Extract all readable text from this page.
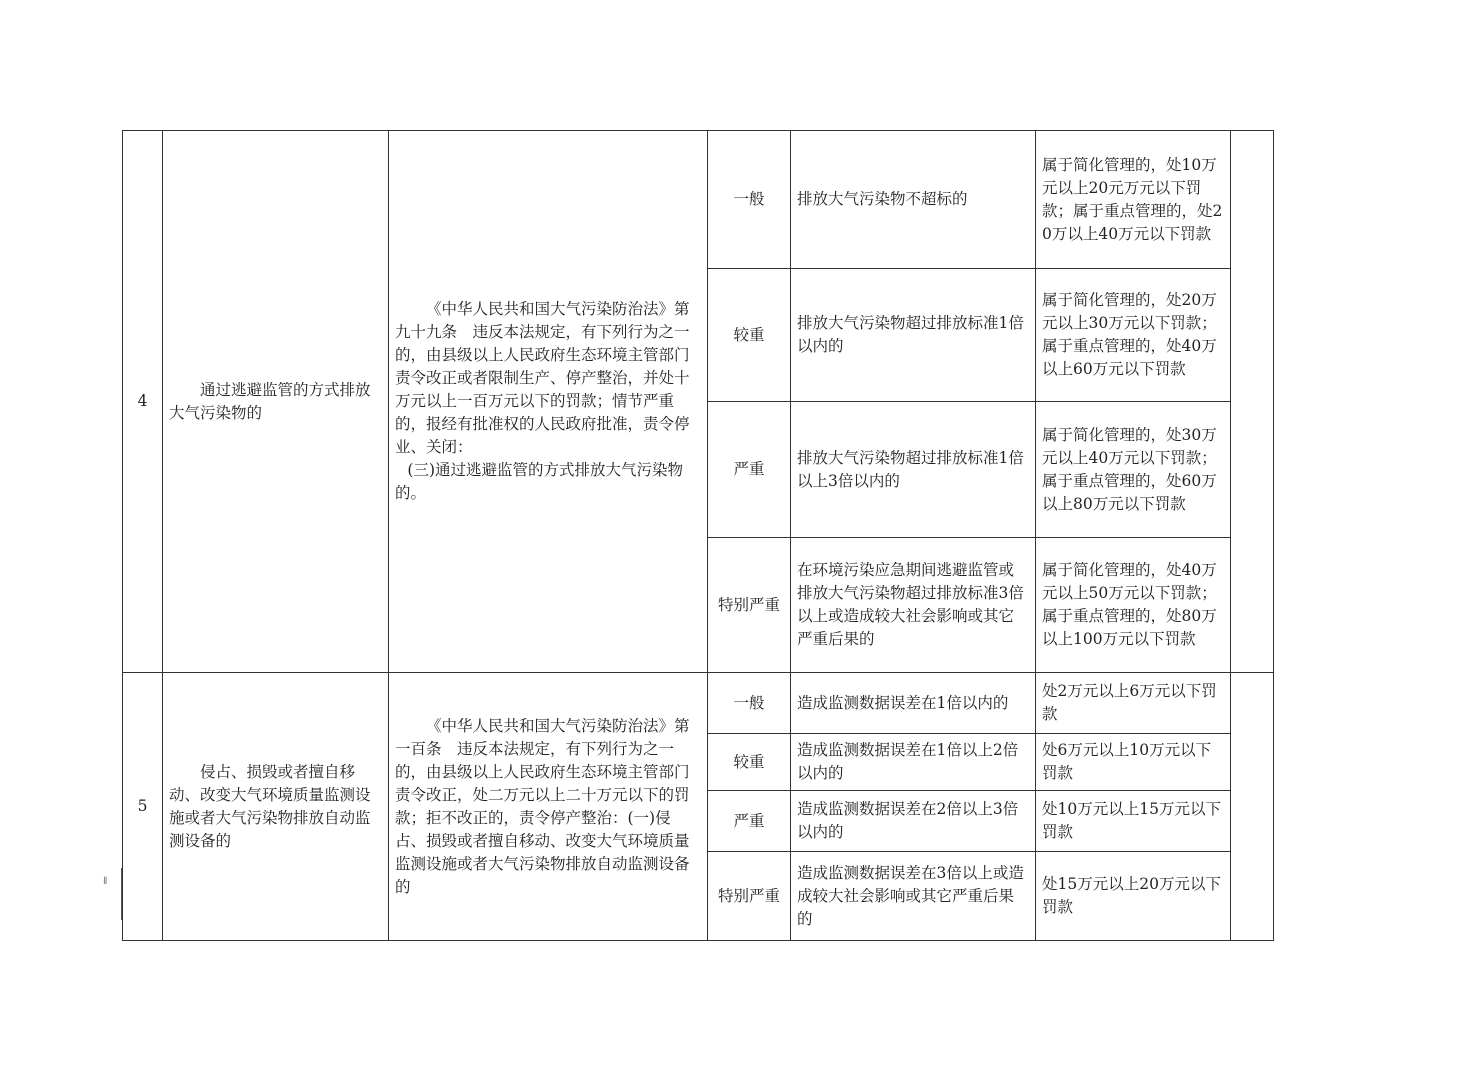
⇓
4	通过逃避监管的方式排放大气污染物的	《中华人民共和国大气污染防治法》第九十九条　违反本法规定，有下列行为之一的，由县级以上人民政府生态环境主管部门责令改正或者限制生产、停产整治，并处十万元以上一百万元以下的罚款；情节严重的，报经有批准权的人民政府批准，责令停业、关闭：
(三)通过逃避监管的方式排放大气污染物的。	一般	排放大气污染物不超标的	属于简化管理的，处10万元以上20元万元以下罚款；属于重点管理的，处20万以上40万元以下罚款	
			较重	排放大气污染物超过排放标准1倍以内的	属于简化管理的，处20万元以上30万元以下罚款；属于重点管理的，处40万以上60万元以下罚款	
			严重	排放大气污染物超过排放标准1倍以上3倍以内的	属于简化管理的，处30万元以上40万元以下罚款；属于重点管理的，处60万以上80万元以下罚款	
			特别严重	在环境污染应急期间逃避监管或排放大气污染物超过排放标准3倍以上或造成较大社会影响或其它严重后果的	属于简化管理的，处40万元以上50万元以下罚款；属于重点管理的，处80万以上100万元以下罚款	
5	侵占、损毁或者擅自移动、改变大气环境质量监测设施或者大气污染物排放自动监测设备的	《中华人民共和国大气污染防治法》第一百条　违反本法规定，有下列行为之一的，由县级以上人民政府生态环境主管部门责令改正，处二万元以上二十万元以下的罚款；拒不改正的，责令停产整治：(一)侵占、损毁或者擅自移动、改变大气环境质量监测设施或者大气污染物排放自动监测设备的	一般	造成监测数据误差在1倍以内的	处2万元以上6万元以下罚款	
			较重	造成监测数据误差在1倍以上2倍以内的	处6万元以上10万元以下罚款	
			严重	造成监测数据误差在2倍以上3倍以内的	处10万元以上15万元以下罚款	
			特别严重	造成监测数据误差在3倍以上或造成较大社会影响或其它严重后果的	处15万元以上20万元以下罚款	
